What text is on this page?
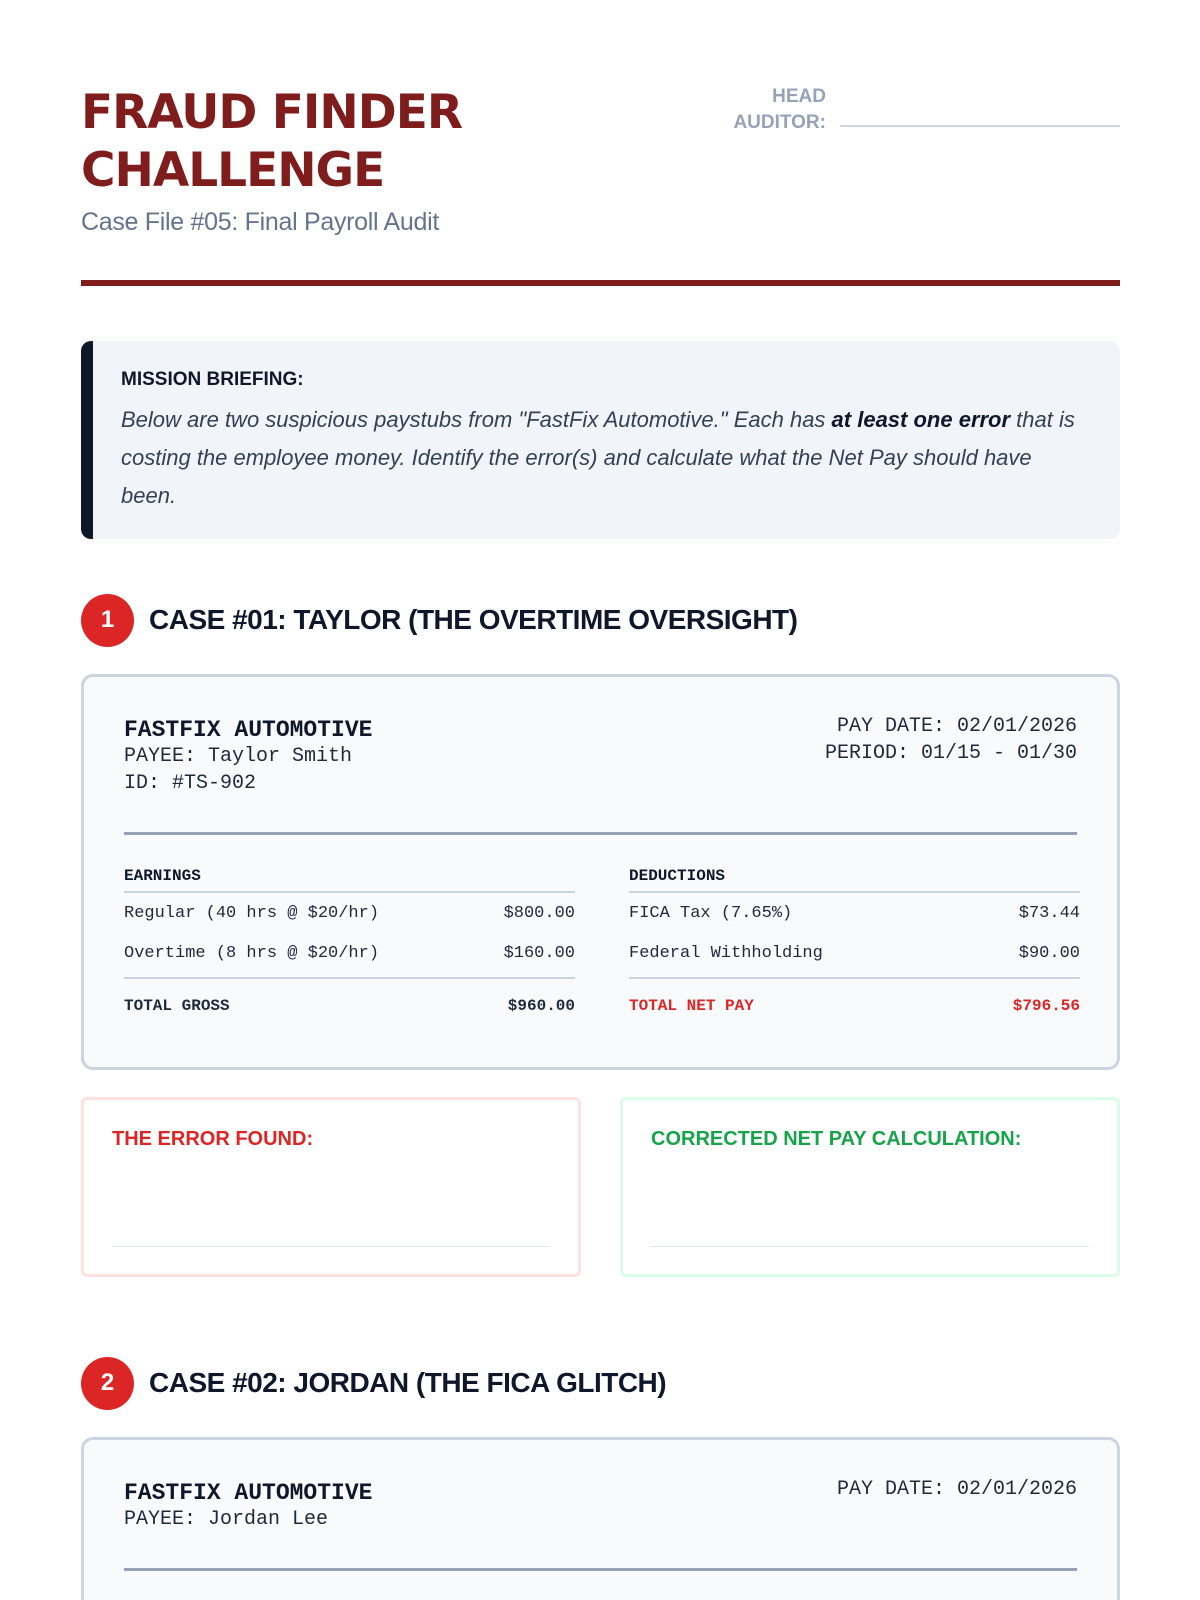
FRAUD FINDER
CHALLENGE
Case File #05: Final Payroll Audit
HEAD
AUDITOR:
MISSION BRIEFING:
Below are two suspicious paystubs from "FastFix Automotive." Each has at least one error that is costing the employee money. Identify the error(s) and calculate what the Net Pay should have been.
1	CASE #01: TAYLOR (THE OVERTIME OVERSIGHT)
FASTFIX AUTOMOTIVE
PAYEE: Taylor Smith
ID: #TS-902
PAY DATE: 02/01/2026
PERIOD: 01/15 - 01/30
EARNINGS
Regular (40 hrs @ $20/hr)	$800.00
Overtime (8 hrs @ $20/hr)	$160.00
TOTAL GROSS	$960.00
DEDUCTIONS
FICA Tax (7.65%)	$73.44
Federal Withholding	$90.00
TOTAL NET PAY	$796.56
THE ERROR FOUND:	CORRECTED NET PAY CALCULATION:
2	CASE #02: JORDAN (THE FICA GLITCH)
FASTFIX AUTOMOTIVE
PAYEE: Jordan Lee
PAY DATE: 02/01/2026
